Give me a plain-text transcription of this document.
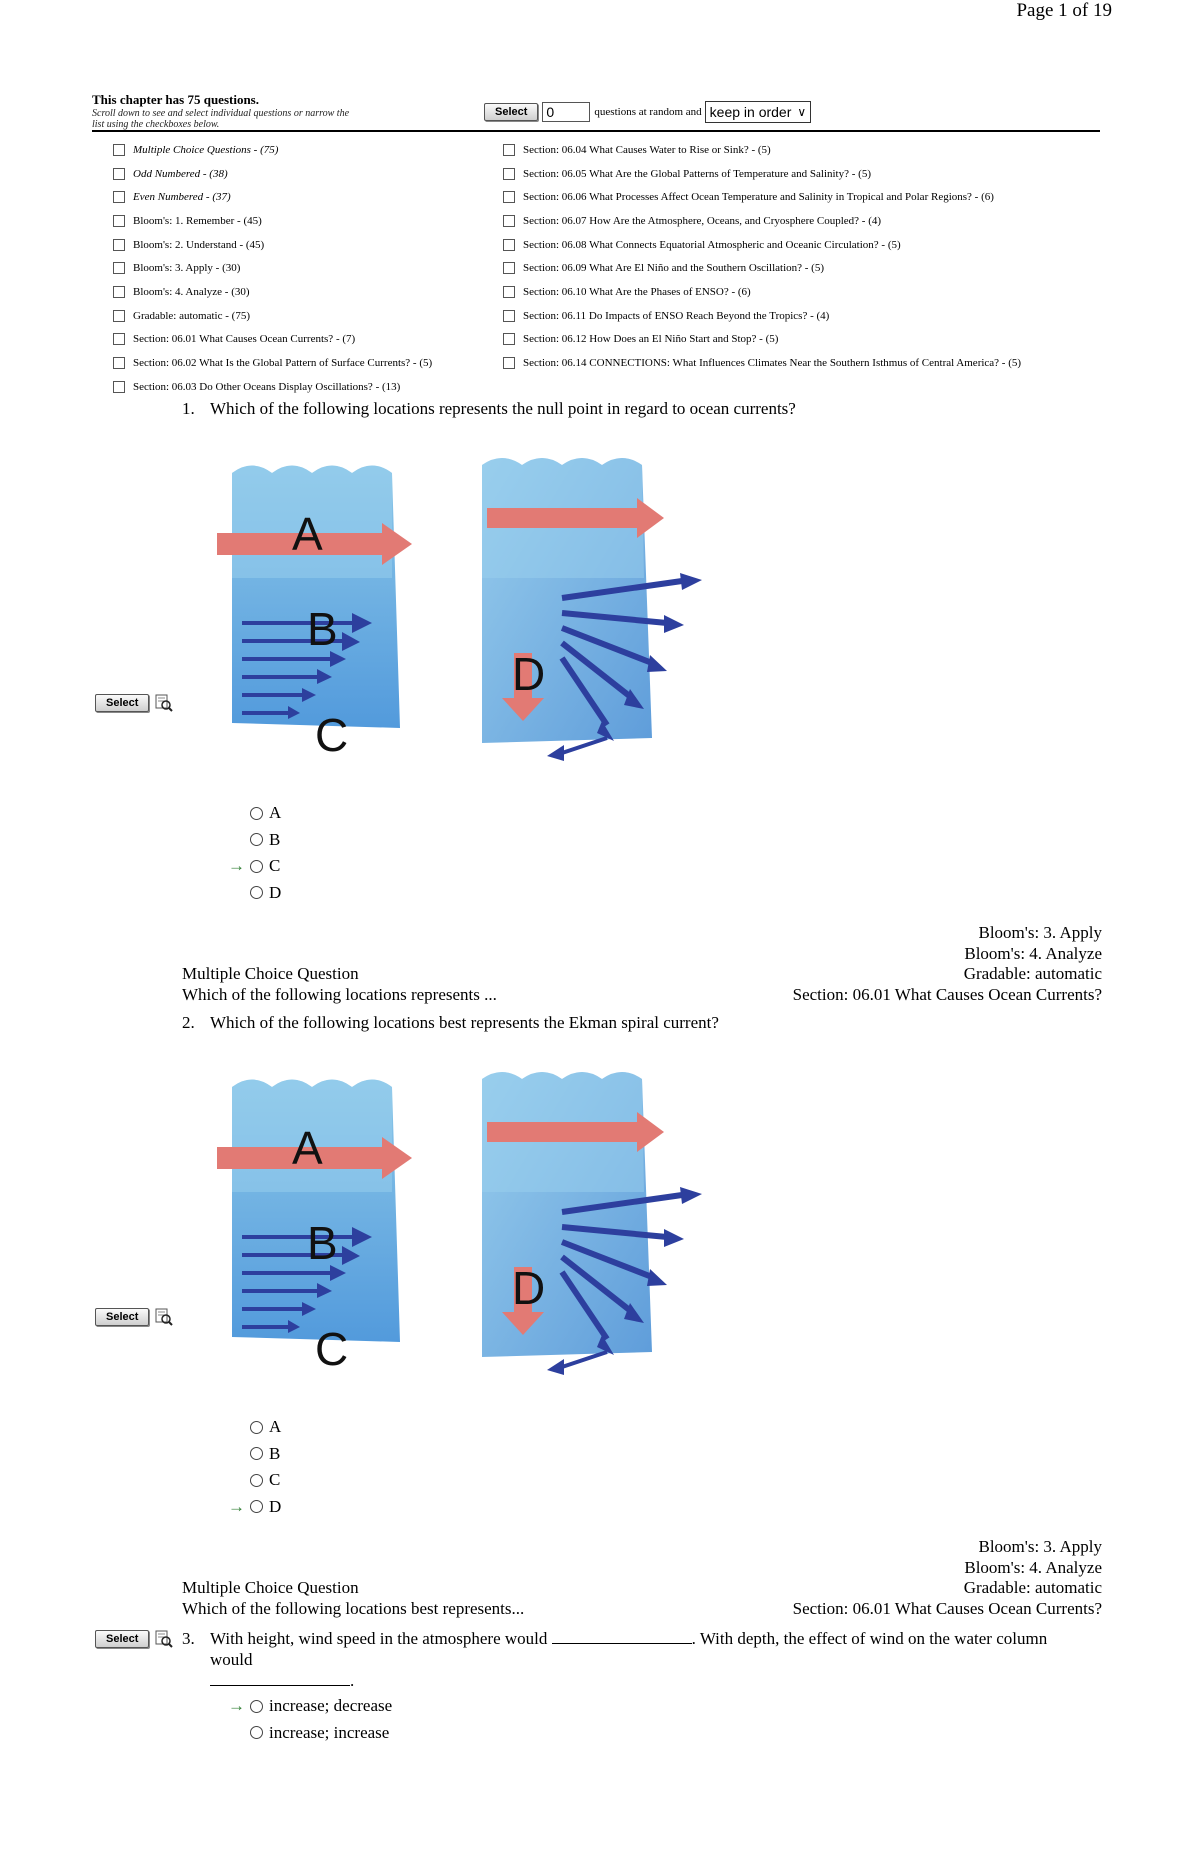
Page 1 of 19
This chapter has 75 questions.
Scroll down to see and select individual questions or narrow the list using the checkboxes below.
Select	0	questions at random and keep in order ∨
Multiple Choice Questions - (75)
Odd Numbered - (38)
Even Numbered - (37)
Bloom's: 1. Remember - (45)
Bloom's: 2. Understand - (45)
Bloom's: 3. Apply - (30)
Bloom's: 4. Analyze - (30)
Gradable: automatic - (75)
Section: 06.01 What Causes Ocean Currents? - (7)
Section: 06.02 What Is the Global Pattern of Surface Currents? - (5)
Section: 06.03 Do Other Oceans Display Oscillations? - (13)
Section: 06.04 What Causes Water to Rise or Sink? - (5)
Section: 06.05 What Are the Global Patterns of Temperature and Salinity? - (5)
Section: 06.06 What Processes Affect Ocean Temperature and Salinity in Tropical and Polar Regions? - (6)
Section: 06.07 How Are the Atmosphere, Oceans, and Cryosphere Coupled? - (4)
Section: 06.08 What Connects Equatorial Atmospheric and Oceanic Circulation? - (5)
Section: 06.09 What Are El Niño and the Southern Oscillation? - (5)
Section: 06.10 What Are the Phases of ENSO? - (6)
Section: 06.11 Do Impacts of ENSO Reach Beyond the Tropics? - (4)
Section: 06.12 How Does an El Niño Start and Stop? - (5)
Section: 06.14 CONNECTIONS: What Influences Climates Near the Southern Isthmus of Central America? - (5)
1. Which of the following locations represents the null point in regard to ocean currents?
A
B
C
D
Select
A
B
→ C
D
Multiple Choice Question
Which of the following locations represents ...
Bloom's: 3. Apply
Bloom's: 4. Analyze
Gradable: automatic
Section: 06.01 What Causes Ocean Currents?
2. Which of the following locations best represents the Ekman spiral current?
A
B
C
D
Select
A
B
C
→ D
Multiple Choice Question
Which of the following locations best represents...
Bloom's: 3. Apply
Bloom's: 4. Analyze
Gradable: automatic
Section: 06.01 What Causes Ocean Currents?
Select	3. With height, wind speed in the atmosphere would	. With depth, the effect of wind on the water column
would
.
→ increase; decrease
increase; increase
